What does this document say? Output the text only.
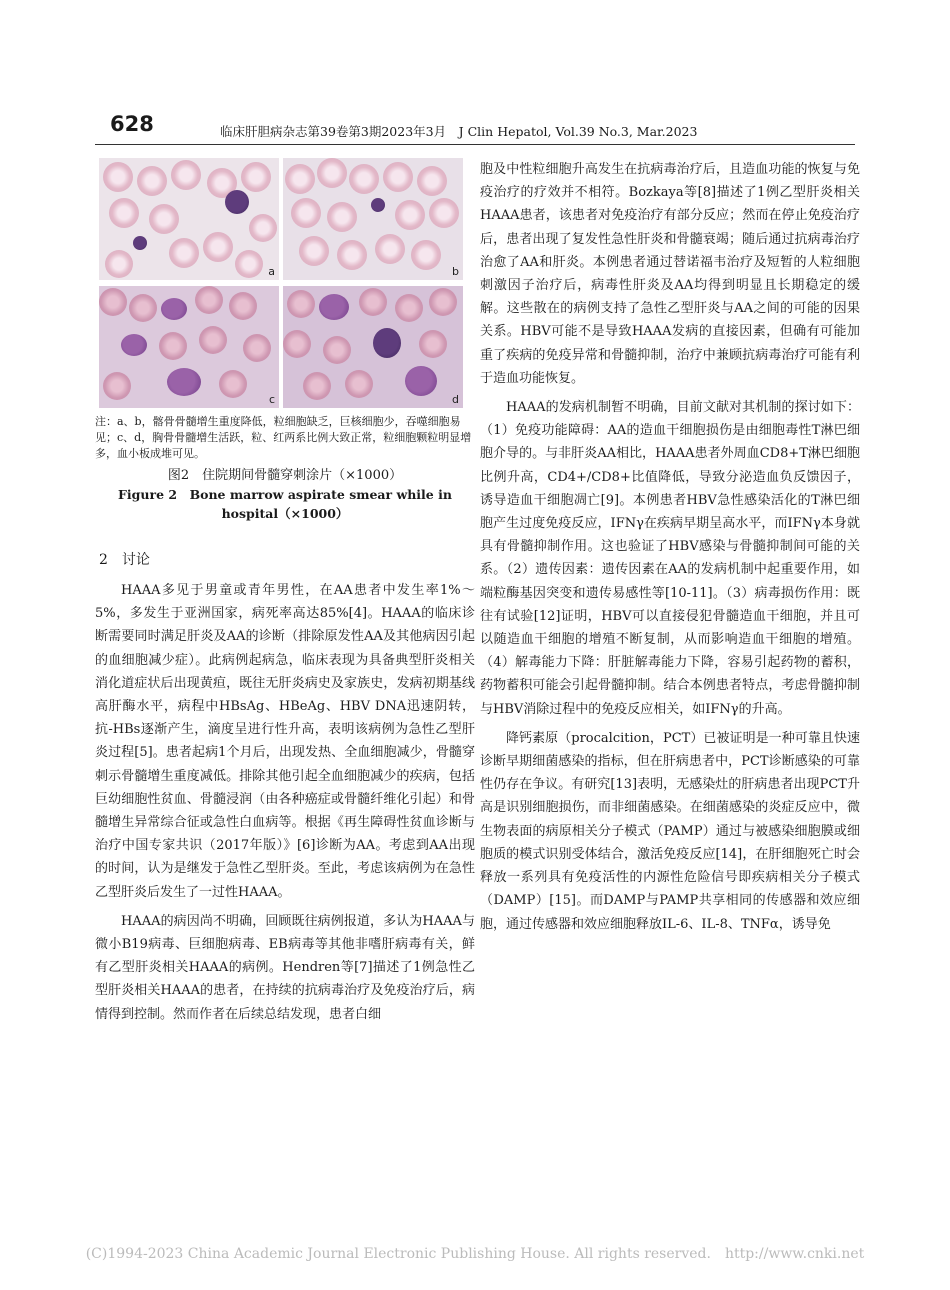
628	临床肝胆病杂志第39卷第3期2023年3月　J Clin Hepatol, Vol.39 No.3, Mar.2023
a	b
c	d

注：a、b，髂骨骨髓增生重度降低，粒细胞缺乏，巨核细胞少，吞噬细胞易见；c、d，胸骨骨髓增生活跃，粒、红两系比例大致正常，粒细胞颗粒明显增多，血小板成堆可见。

图2　住院期间骨髓穿刺涂片（×1000）

Figure 2　Bone marrow aspirate smear while in hospital（×1000）

2　讨论

HAAA多见于男童或青年男性，在AA患者中发生率1%～5%，多发生于亚洲国家，病死率高达85%[4]。HAAA的临床诊断需要同时满足肝炎及AA的诊断（排除原发性AA及其他病因引起的血细胞减少症）。此病例起病急，临床表现为具备典型肝炎相关消化道症状后出现黄疸，既往无肝炎病史及家族史，发病初期基线高肝酶水平，病程中HBsAg、HBeAg、HBV DNA迅速阴转，抗-HBs逐渐产生，滴度呈进行性升高，表明该病例为急性乙型肝炎过程[5]。患者起病1个月后，出现发热、全血细胞减少，骨髓穿刺示骨髓增生重度减低。排除其他引起全血细胞减少的疾病，包括巨幼细胞性贫血、骨髓浸润（由各种癌症或骨髓纤维化引起）和骨髓增生异常综合征或急性白血病等。根据《再生障碍性贫血诊断与治疗中国专家共识（2017年版）》[6]诊断为AA。考虑到AA出现的时间，认为是继发于急性乙型肝炎。至此，考虑该病例为在急性乙型肝炎后发生了一过性HAAA。

HAAA的病因尚不明确，回顾既往病例报道，多认为HAAA与微小B19病毒、巨细胞病毒、EB病毒等其他非嗜肝病毒有关，鲜有乙型肝炎相关HAAA的病例。Hendren等[7]描述了1例急性乙型肝炎相关HAAA的患者，在持续的抗病毒治疗及免疫治疗后，病情得到控制。然而作者在后续总结发现，患者白细

胞及中性粒细胞升高发生在抗病毒治疗后，且造血功能的恢复与免疫治疗的疗效并不相符。Bozkaya等[8]描述了1例乙型肝炎相关HAAA患者，该患者对免疫治疗有部分反应；然而在停止免疫治疗后，患者出现了复发性急性肝炎和骨髓衰竭；随后通过抗病毒治疗治愈了AA和肝炎。本例患者通过替诺福韦治疗及短暂的人粒细胞刺激因子治疗后，病毒性肝炎及AA均得到明显且长期稳定的缓解。这些散在的病例支持了急性乙型肝炎与AA之间的可能的因果关系。HBV可能不是导致HAAA发病的直接因素，但确有可能加重了疾病的免疫异常和骨髓抑制，治疗中兼顾抗病毒治疗可能有利于造血功能恢复。

HAAA的发病机制暂不明确，目前文献对其机制的探讨如下：（1）免疫功能障碍：AA的造血干细胞损伤是由细胞毒性T淋巴细胞介导的。与非肝炎AA相比，HAAA患者外周血CD8+T淋巴细胞比例升高，CD4+/CD8+比值降低，导致分泌造血负反馈因子，诱导造血干细胞凋亡[9]。本例患者HBV急性感染活化的T淋巴细胞产生过度免疫反应，IFNγ在疾病早期呈高水平，而IFNγ本身就具有骨髓抑制作用。这也验证了HBV感染与骨髓抑制间可能的关系。（2）遗传因素：遗传因素在AA的发病机制中起重要作用，如端粒酶基因突变和遗传易感性等[10-11]。（3）病毒损伤作用：既往有试验[12]证明，HBV可以直接侵犯骨髓造血干细胞，并且可以随造血干细胞的增殖不断复制，从而影响造血干细胞的增殖。（4）解毒能力下降：肝脏解毒能力下降，容易引起药物的蓄积，药物蓄积可能会引起骨髓抑制。结合本例患者特点，考虑骨髓抑制与HBV消除过程中的免疫反应相关，如IFNγ的升高。

降钙素原（procalcition，PCT）已被证明是一种可靠且快速诊断早期细菌感染的指标，但在肝病患者中，PCT诊断感染的可靠性仍存在争议。有研究[13]表明，无感染灶的肝病患者出现PCT升高是识别细胞损伤，而非细菌感染。在细菌感染的炎症反应中，微生物表面的病原相关分子模式（PAMP）通过与被感染细胞膜或细胞质的模式识别受体结合，激活免疫反应[14]，在肝细胞死亡时会释放一系列具有免疫活性的内源性危险信号即疾病相关分子模式（DAMP）[15]。而DAMP与PAMP共享相同的传感器和效应细胞，通过传感器和效应细胞释放IL-6、IL-8、TNFα，诱导免

(C)1994-2023 China Academic Journal Electronic Publishing House. All rights reserved.　http://www.cnki.net
